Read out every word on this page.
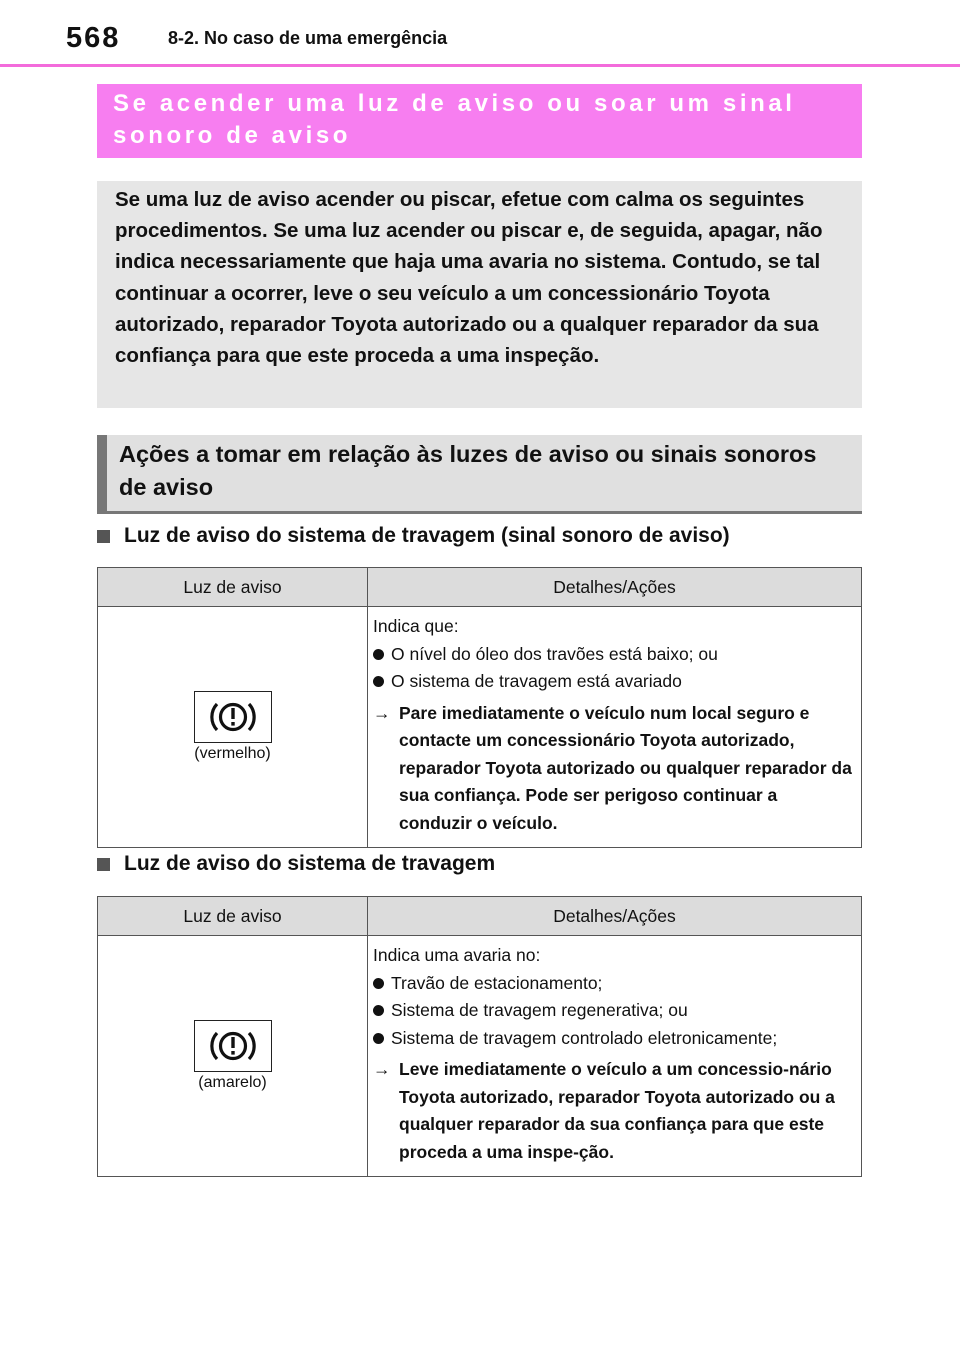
568	8-2. No caso de uma emergência
Se acender uma luz de aviso ou soar um sinal sonoro de aviso
Se uma luz de aviso acender ou piscar, efetue com calma os seguintes procedimentos. Se uma luz acender ou piscar e, de seguida, apagar, não indica necessariamente que haja uma avaria no sistema. Contudo, se tal continuar a ocorrer, leve o seu veículo a um concessionário Toyota autorizado, reparador Toyota autorizado ou a qualquer reparador da sua confiança para que este proceda a uma inspeção.
Ações a tomar em relação às luzes de aviso ou sinais sonoros de aviso
Luz de aviso do sistema de travagem (sinal sonoro de aviso)
Luz de aviso	Detalhes/Ações
(vermelho)
Indica que:
O nível do óleo dos travões está baixo; ou
O sistema de travagem está avariado
→ Pare imediatamente o veículo num local seguro e contacte um concessionário Toyota autorizado, reparador Toyota autorizado ou qualquer reparador da sua confiança. Pode ser perigoso continuar a conduzir o veículo.
Luz de aviso do sistema de travagem
Luz de aviso	Detalhes/Ações
(amarelo)
Indica uma avaria no:
Travão de estacionamento;
Sistema de travagem regenerativa; ou
Sistema de travagem controlado eletronicamente;
→ Leve imediatamente o veículo a um concessio-nário Toyota autorizado, reparador Toyota autorizado ou a qualquer reparador da sua confiança para que este proceda a uma inspe-ção.
